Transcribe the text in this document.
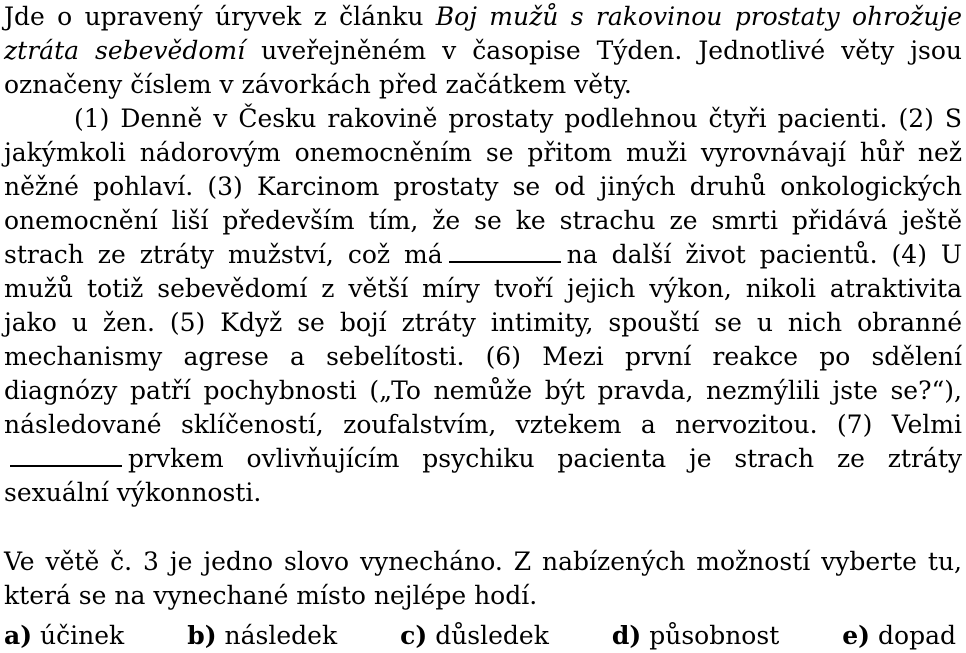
Jde o upravený úryvek z článku Boj mužů s rakovinou prostaty ohrožuje ztráta sebevědomí uveřejněném v časopise Týden. Jednotlivé věty jsou označeny číslem v závorkách před začátkem věty.

(1) Denně v Česku rakovině prostaty podlehnou čtyři pacienti. (2) S jakýmkoli nádorovým onemocněním se přitom muži vyrovnávají hůř než něžné pohlaví. (3) Karcinom prostaty se od jiných druhů onkologických onemocnění liší především tím, že se ke strachu ze smrti přidává ještě strach ze ztráty mužství, což má	na další život pacientů. (4) U mužů totiž sebevědomí z větší míry tvoří jejich výkon, nikoli atraktivita jako u žen. (5) Když se bojí ztráty intimity, spouští se u nich obranné mechanismy agrese a sebelítosti. (6) Mezi první reakce po sdělení diagnózy patří pochybnosti („To nemůže být pravda, nezmýlili jste se?“), následované sklíčeností, zoufalstvím, vztekem a nervozitou. (7) Velmiprvkem ovlivňujícím psychiku pacienta je strach ze ztráty sexuální výkonnosti.

Ve větě č. 3 je jedno slovo vynecháno. Z nabízených možností vyberte tu, která se na vynechané místo nejlépe hodí.

a) účinek	b) následek	c) důsledek	d) působnost	e) dopad
